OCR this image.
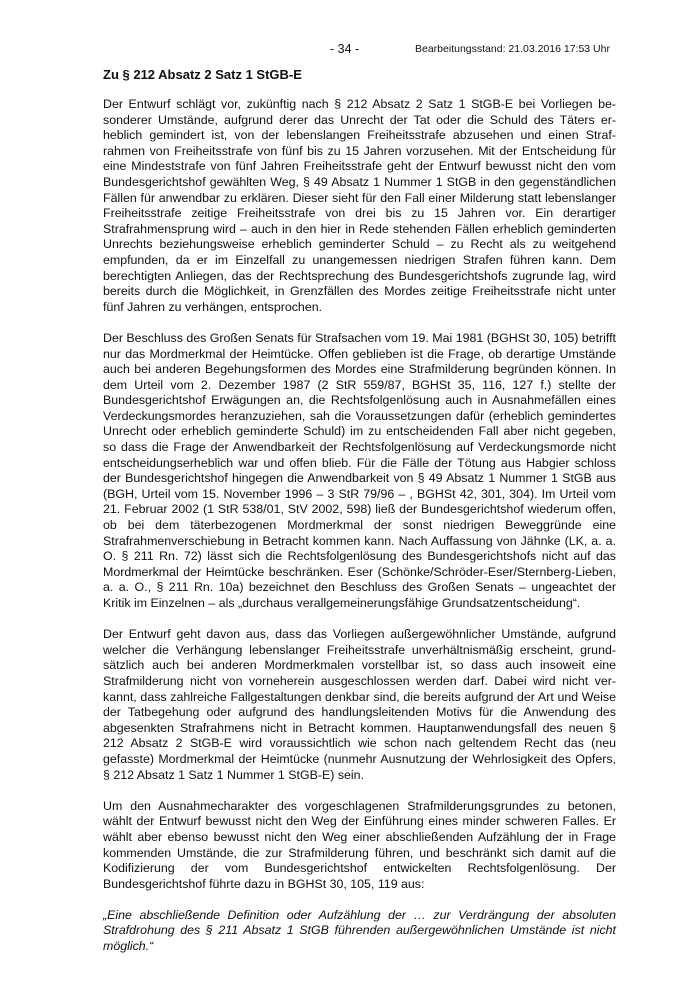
- 34 -	Bearbeitungsstand: 21.03.2016 17:53 Uhr
Zu § 212 Absatz 2 Satz 1 StGB-E

Der Entwurf schlägt vor, zukünftig nach § 212 Absatz 2 Satz 1 StGB-E bei Vorliegen besonderer Umstände, aufgrund derer das Unrecht der Tat oder die Schuld des Täters erheblich gemindert ist, von der lebenslangen Freiheitsstrafe abzusehen und einen Strafrahmen von Freiheitsstrafe von fünf bis zu 15 Jahren vorzusehen. Mit der Entscheidung für eine Mindeststrafe von fünf Jahren Freiheitsstrafe geht der Entwurf bewusst nicht den vom Bundesgerichtshof gewählten Weg, § 49 Absatz 1 Nummer 1 StGB in den gegenständlichen Fällen für anwendbar zu erklären. Dieser sieht für den Fall einer Milderung statt lebenslanger Freiheitsstrafe zeitige Freiheitsstrafe von drei bis zu 15 Jahren vor. Ein derartiger Strafrahmensprung wird – auch in den hier in Rede stehenden Fällen erheblich geminderten Unrechts beziehungsweise erheblich geminderter Schuld – zu Recht als zu weitgehend empfunden, da er im Einzelfall zu unangemessen niedrigen Strafen führen kann. Dem berechtigten Anliegen, das der Rechtsprechung des Bundesgerichtshofs zugrunde lag, wird bereits durch die Möglichkeit, in Grenzfällen des Mordes zeitige Freiheitsstrafe nicht unter fünf Jahren zu verhängen, entsprochen.

Der Beschluss des Großen Senats für Strafsachen vom 19. Mai 1981 (BGHSt 30, 105) betrifft nur das Mordmerkmal der Heimtücke. Offen geblieben ist die Frage, ob derartige Umstände auch bei anderen Begehungsformen des Mordes eine Strafmilderung begründen können. In dem Urteil vom 2. Dezember 1987 (2 StR 559/87, BGHSt 35, 116, 127 f.) stellte der Bundesgerichtshof Erwägungen an, die Rechtsfolgenlösung auch in Ausnahmefällen eines Verdeckungsmordes heranzuziehen, sah die Voraussetzungen dafür (erheblich gemindertes Unrecht oder erheblich geminderte Schuld) im zu entscheidenden Fall aber nicht gegeben, so dass die Frage der Anwendbarkeit der Rechtsfolgenlösung auf Verdeckungsmorde nicht entscheidungserheblich war und offen blieb. Für die Fälle der Tötung aus Habgier schloss der Bundesgerichtshof hingegen die Anwendbarkeit von § 49 Absatz 1 Nummer 1 StGB aus (BGH, Urteil vom 15. November 1996 – 3 StR 79/96 – , BGHSt 42, 301, 304). Im Urteil vom 21. Februar 2002 (1 StR 538/01, StV 2002, 598) ließ der Bundesgerichtshof wiederum offen, ob bei dem täterbezogenen Mordmerkmal der sonst niedrigen Beweggründe eine Strafrahmenverschiebung in Betracht kommen kann. Nach Auffassung von Jähnke (LK, a. a. O. § 211 Rn. 72) lässt sich die Rechtsfolgenlösung des Bundesgerichtshofs nicht auf das Mordmerkmal der Heimtücke beschränken. Eser (Schönke/Schröder-Eser/Sternberg-Lieben, a. a. O., § 211 Rn. 10a) bezeichnet den Beschluss des Großen Senats – ungeachtet der Kritik im Einzelnen – als „durchaus verallgemeinerungsfähige Grundsatzentscheidung“.

Der Entwurf geht davon aus, dass das Vorliegen außergewöhnlicher Umstände, aufgrund welcher die Verhängung lebenslanger Freiheitsstrafe unverhältnismäßig erscheint, grundsätzlich auch bei anderen Mordmerkmalen vorstellbar ist, so dass auch insoweit eine Strafmilderung nicht von vorneherein ausgeschlossen werden darf. Dabei wird nicht verkannt, dass zahlreiche Fallgestaltungen denkbar sind, die bereits aufgrund der Art und Weise der Tatbegehung oder aufgrund des handlungsleitenden Motivs für die Anwendung des abgesenkten Strafrahmens nicht in Betracht kommen. Hauptanwendungsfall des neuen § 212 Absatz 2 StGB-E wird voraussichtlich wie schon nach geltendem Recht das (neu gefasste) Mordmerkmal der Heimtücke (nunmehr Ausnutzung der Wehrlosigkeit des Opfers, § 212 Absatz 1 Satz 1 Nummer 1 StGB-E) sein.

Um den Ausnahmecharakter des vorgeschlagenen Strafmilderungsgrundes zu betonen, wählt der Entwurf bewusst nicht den Weg der Einführung eines minder schweren Falles. Er wählt aber ebenso bewusst nicht den Weg einer abschließenden Aufzählung der in Frage kommenden Umstände, die zur Strafmilderung führen, und beschränkt sich damit auf die Kodifizierung der vom Bundesgerichtshof entwickelten Rechtsfolgenlösung. Der Bundesgerichtshof führte dazu in BGHSt 30, 105, 119 aus:

„Eine abschließende Definition oder Aufzählung der … zur Verdrängung der absoluten Strafdrohung des § 211 Absatz 1 StGB führenden außergewöhnlichen Umstände ist nicht möglich.“
